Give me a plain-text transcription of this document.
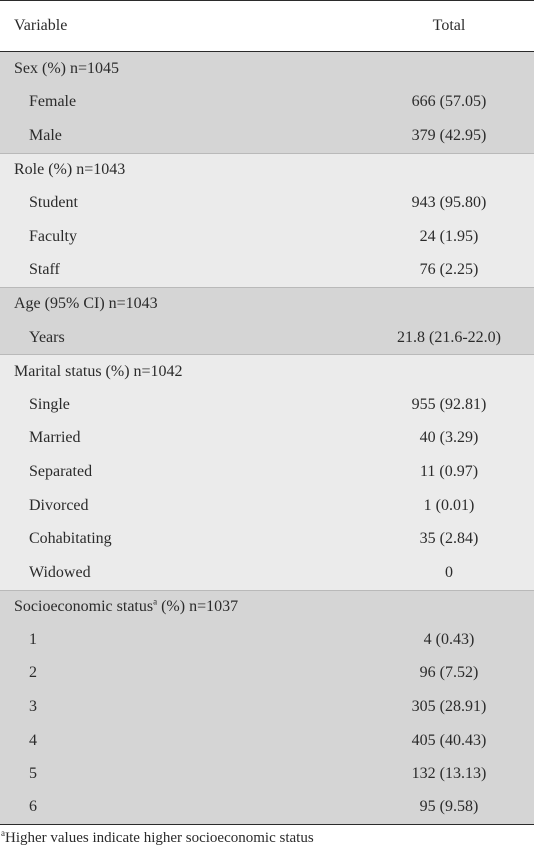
Variable	Total
Sex (%) n=1045
Female	666 (57.05)
Male	379 (42.95)
Role (%) n=1043
Student	943 (95.80)
Faculty	24 (1.95)
Staff	76 (2.25)
Age (95% CI) n=1043
Years	21.8 (21.6-22.0)
Marital status (%) n=1042
Single	955 (92.81)
Married	40 (3.29)
Separated	11 (0.97)
Divorced	1 (0.01)
Cohabitating	35 (2.84)
Widowed	0
Socioeconomic status$^a$ (%) n=1037
1	4 (0.43)
2	96 (7.52)
3	305 (28.91)
4	405 (40.43)
5	132 (13.13)
6	95 (9.58)
$^a$Higher values indicate higher socioeconomic status
